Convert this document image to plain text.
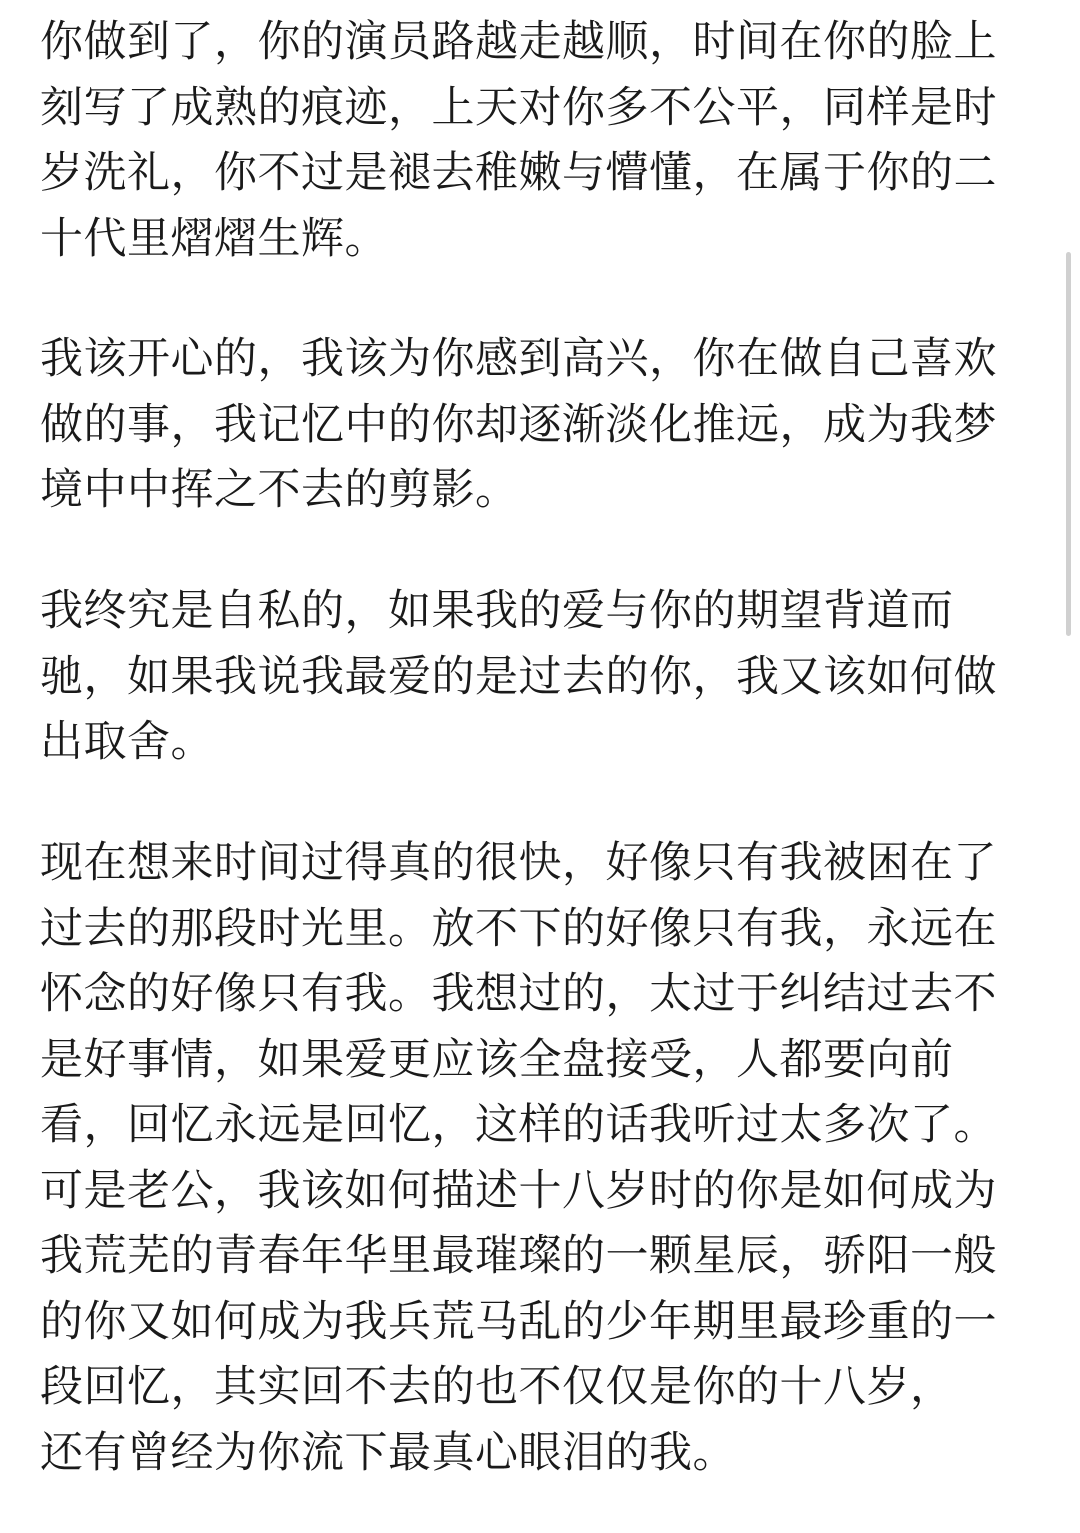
你做到了，你的演员路越走越顺，时间在你的脸上
刻写了成熟的痕迹，上天对你多不公平，同样是时
岁洗礼，你不过是褪去稚嫩与懵懂，在属于你的二
十代里熠熠生辉。
我该开心的，我该为你感到高兴，你在做自己喜欢
做的事，我记忆中的你却逐渐淡化推远，成为我梦
境中中挥之不去的剪影。
我终究是自私的，如果我的爱与你的期望背道而
驰，如果我说我最爱的是过去的你，我又该如何做
出取舍。
现在想来时间过得真的很快，好像只有我被困在了
过去的那段时光里。放不下的好像只有我，永远在
怀念的好像只有我。我想过的，太过于纠结过去不
是好事情，如果爱更应该全盘接受，人都要向前
看，回忆永远是回忆，这样的话我听过太多次了。
可是老公，我该如何描述十八岁时的你是如何成为
我荒芜的青春年华里最璀璨的一颗星辰，骄阳一般
的你又如何成为我兵荒马乱的少年期里最珍重的一
段回忆，其实回不去的也不仅仅是你的十八岁，
还有曾经为你流下最真心眼泪的我。
